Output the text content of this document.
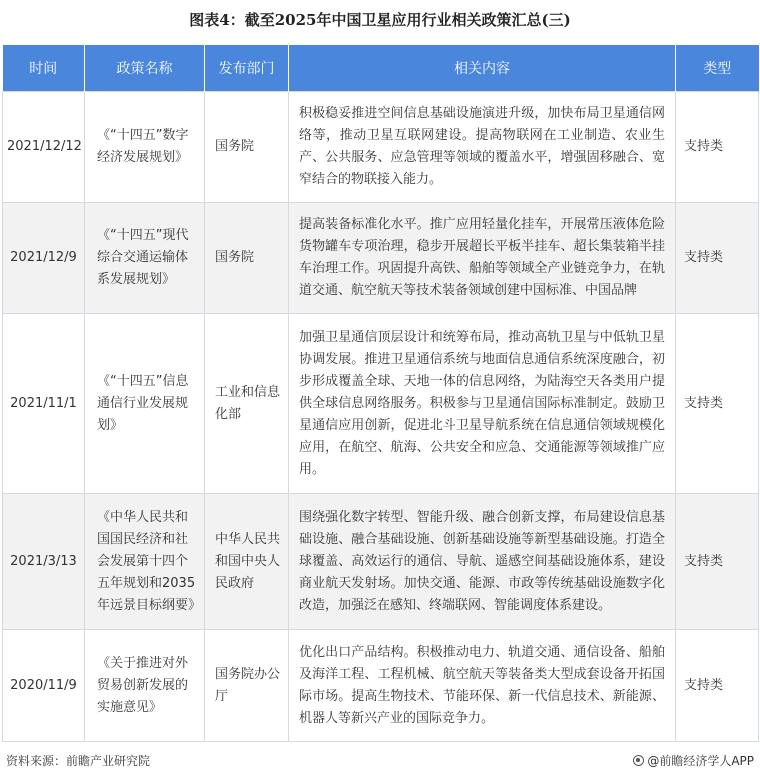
图表4：截至2025年中国卫星应用行业相关政策汇总(三)
时间	政策名称	发布部门	相关内容	类型
2021/12/12	《“十四五”数字经济发展规划》	国务院	积极稳妥推进空间信息基础设施演进升级，加快布局卫星通信网络等，推动卫星互联网建设。提高物联网在工业制造、农业生产、公共服务、应急管理等领域的覆盖水平，增强固移融合、宽窄结合的物联接入能力。	支持类
2021/12/9	《“十四五”现代综合交通运输体系发展规划》	国务院	提高装备标准化水平。推广应用轻量化挂车，开展常压液体危险货物罐车专项治理，稳步开展超长平板半挂车、超长集装箱半挂车治理工作。巩固提升高铁、船舶等领域全产业链竞争力，在轨道交通、航空航天等技术装备领域创建中国标准、中国品牌	支持类
2021/11/1	《“十四五”信息通信行业发展规划》	工业和信息化部	加强卫星通信顶层设计和统筹布局，推动高轨卫星与中低轨卫星协调发展。推进卫星通信系统与地面信息通信系统深度融合，初步形成覆盖全球、天地一体的信息网络，为陆海空天各类用户提供全球信息网络服务。积极参与卫星通信国际标准制定。鼓励卫星通信应用创新，促进北斗卫星导航系统在信息通信领域规模化应用，在航空、航海、公共安全和应急、交通能源等领域推广应用。	支持类
2021/3/13	《中华人民共和国国民经济和社会发展第十四个五年规划和2035年远景目标纲要》	中华人民共和国中央人民政府	围绕强化数字转型、智能升级、融合创新支撑，布局建设信息基础设施、融合基础设施、创新基础设施等新型基础设施。打造全球覆盖、高效运行的通信、导航、遥感空间基础设施体系，建设商业航天发射场。加快交通、能源、市政等传统基础设施数字化改造，加强泛在感知、终端联网、智能调度体系建设。	支持类
2020/11/9	《关于推进对外贸易创新发展的实施意见》	国务院办公厅	优化出口产品结构。积极推动电力、轨道交通、通信设备、船舶及海洋工程、工程机械、航空航天等装备类大型成套设备开拓国际市场。提高生物技术、节能环保、新一代信息技术、新能源、机器人等新兴产业的国际竞争力。	支持类
资料来源：前瞻产业研究院	@前瞻经济学人APP
